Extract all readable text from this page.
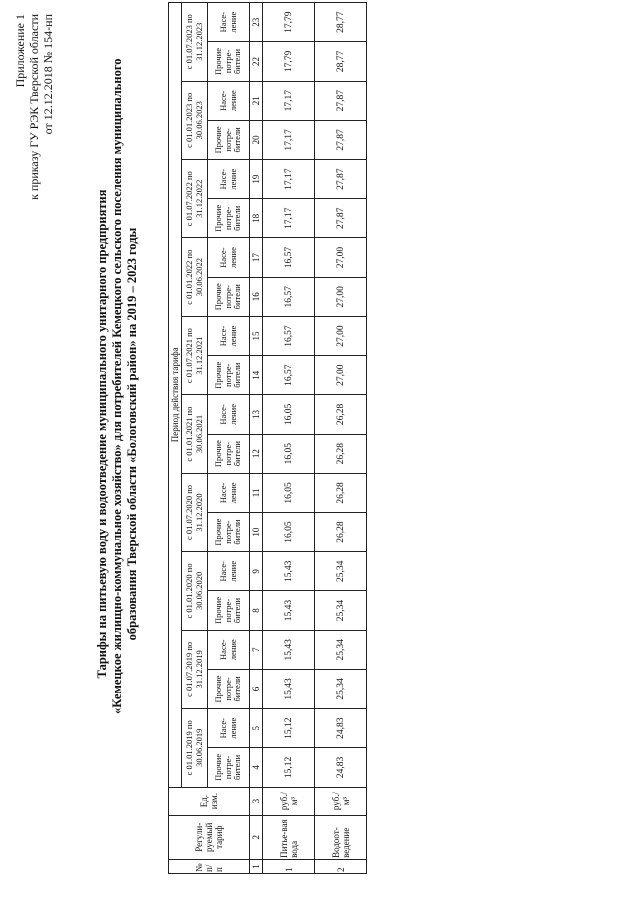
Приложение 1 к приказу ГУ РЭК Тверской области от 12.12.2018 № 154-нп
Тарифы на питьевую воду и водоотведение муниципального унитарного предприятия «Кемецкое жилищно-коммунальное хозяйство» для потребителей Кемецкого сельского поселения муниципального образования Тверской области «Бологовский район» на 2019 – 2023 годы
№ п/п	Регули-руемый тариф	Ед. изм.	Период действия тарифа																			
			с 01.01.2019 по 30.06.2019		с 01.07.2019 по 31.12.2019		с 01.01.2020 по 30.06.2020		с 01.07.2020 по 31.12.2020		с 01.01.2021 по 30.06.2021		с 01.07.2021 по 31.12.2021		с 01.01.2022 по 30.06.2022		с 01.07.2022 по 31.12.2022		с 01.01.2023 по 30.06.2023		с 01.07.2023 по 31.12.2023	
			Прочие потре-бители	Насе-ление	Прочие потре-бители	Насе-ление	Прочие потре-бители	Насе-ление	Прочие потре-бители	Насе-ление	Прочие потре-бители	Насе-ление	Прочие потре-бители	Насе-ление	Прочие потре-бители	Насе-ление	Прочие потре-бители	Насе-ление	Прочие потре-бители	Насе-ление	Прочие потре-бители	Насе-ление
1	2	3	4	5	6	7	8	9	10	11	12	13	14	15	16	17	18	19	20	21	22	23
1	Питье-вая вода	руб./м³	15,12	15,12	15,43	15,43	15,43	15,43	16,05	16,05	16,05	16,05	16,57	16,57	16,57	16,57	17,17	17,17	17,17	17,17	17,79	17,79
2	Водоот-ведение	руб./м³	24,83	24,83	25,34	25,34	25,34	25,34	26,28	26,28	26,28	26,28	27,00	27,00	27,00	27,00	27,87	27,87	27,87	27,87	28,77	28,77
